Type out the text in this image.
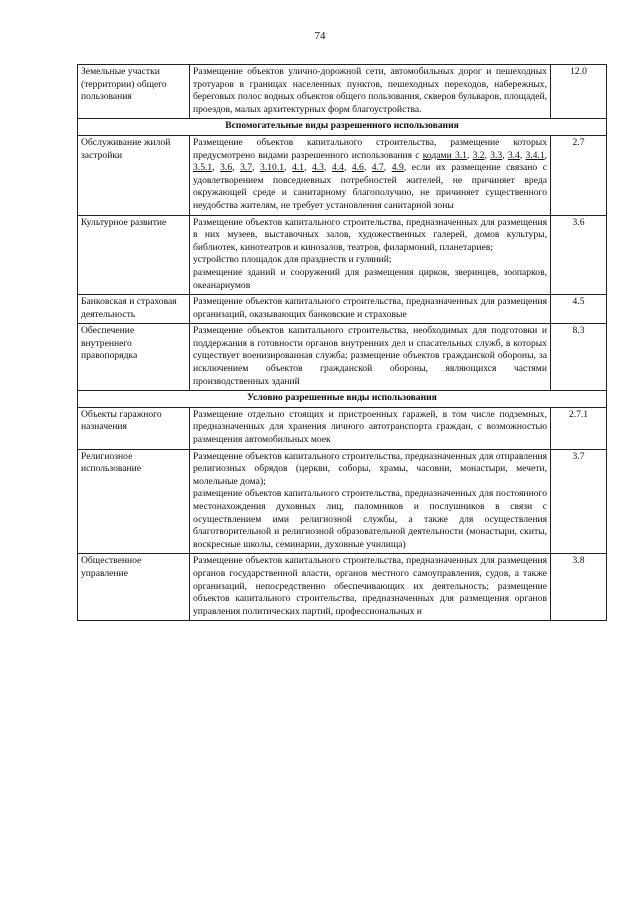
74
Земельные участки (территории) общего пользования	Размещение объектов улично-дорожной сети, автомобильных дорог и пешеходных тротуаров в границах населенных пунктов, пешеходных переходов, набережных, береговых полос водных объектов общего пользования, скверов бульваров, площадей, проездов, малых архитектурных форм благоустройства.	12.0
Вспомогательные виды разрешенного использования		
Обслуживание жилой застройки	Размещение объектов капитального строительства, размещение которых предусмотрено видами разрешенного использования с кодами 3.1, 3.2, 3.3, 3.4, 3.4.1, 3.5.1, 3.6, 3.7, 3.10.1, 4.1, 4.3, 4.4, 4.6, 4.7, 4.9, если их размещение связано с удовлетворением повседневных потребностей жителей, не причиняет вреда окружающей среде и санитарному благополучию, не причиняет существенного неудобства жителям, не требует установления санитарной зоны	2.7
Культурное развитие	Размещение объектов капитального строительства, предназначенных для размещения в них музеев, выставочных залов, художественных галерей, домов культуры, библиотек, кинотеатров и кинозалов, театров, филармоний, планетариев;
устройство площадок для празднеств и гуляний;
размещение зданий и сооружений для размещения цирков, зверинцев, зоопарков, океанариумов	3.6
Банковская и страховая деятельность	Размещение объектов капитального строительства, предназначенных для размещения организаций, оказывающих банковские и страховые	4.5
Обеспечение внутреннего правопорядка	Размещение объектов капитального строительства, необходимых для подготовки и поддержания в готовности органов внутренних дел и спасательных служб, в которых существует военизированная служба; размещение объектов гражданской обороны, за исключением объектов гражданской обороны, являющихся частями производственных зданий	8.3
Условно разрешенные виды использования		
Объекты гаражного назначения	Размещение отдельно стоящих и пристроенных гаражей, в том числе подземных, предназначенных для хранения личного автотранспорта граждан, с возможностью размещения автомобильных моек	2.7.1
Религиозное использование	Размещение объектов капитального строительства, предназначенных для отправления религиозных обрядов (церкви, соборы, храмы, часовни, монастыри, мечети, молельные дома);
размещение объектов капитального строительства, предназначенных для постоянного местонахождения духовных лиц, паломников и послушников в связи с осуществлением ими религиозной службы, а также для осуществления благотворительной и религиозной образовательной деятельности (монастыри, скиты, воскресные школы, семинарии, духовные училища)	3.7
Общественное управление	Размещение объектов капитального строительства, предназначенных для размещения органов государственной власти, органов местного самоуправления, судов, а также организаций, непосредственно обеспечивающих их деятельность; размещение объектов капитального строительства, предназначенных для размещения органов управления политических партий, профессиональных и	3.8
